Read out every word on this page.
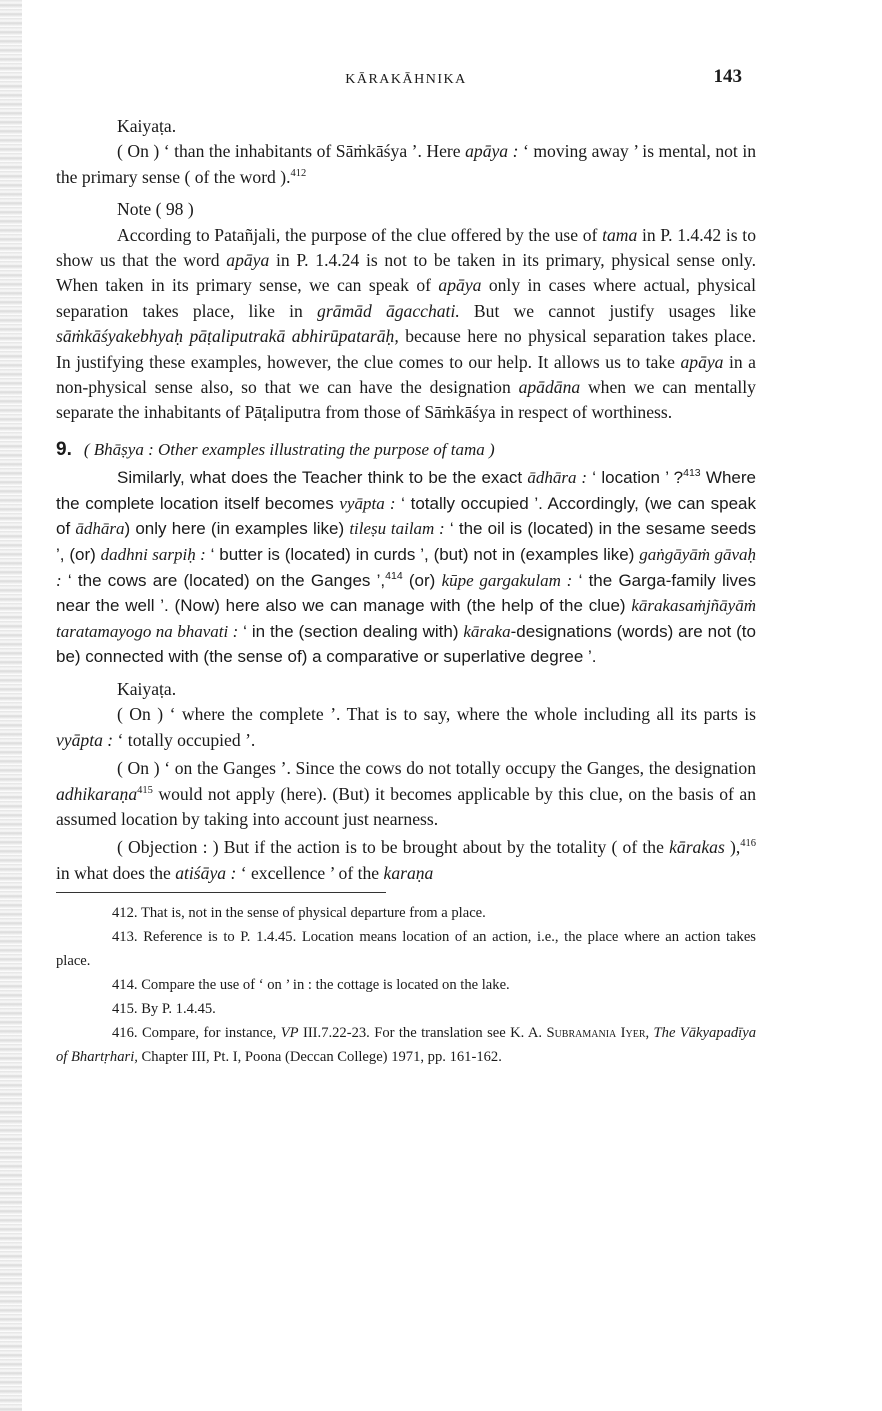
KĀRAKĀHNIKA	143

Kaiyaṭa.

( On ) ‘ than the inhabitants of Sāṁkāśya ’. Here apāya : ‘ moving away ’ is mental, not in the primary sense ( of the word ).$^{412}$

Note ( 98 )

According to Patañjali, the purpose of the clue offered by the use of tama in P. 1.4.42 is to show us that the word apāya in P. 1.4.24 is not to be taken in its primary, physical sense only. When taken in its primary sense, we can speak of apāya only in cases where actual, physical separation takes place, like in grāmād āgacchati. But we cannot justify usages like sāṁkāśyakebhyaḥ pāṭaliputrakā abhirūpatarāḥ, because here no physical separation takes place. In justifying these examples, however, the clue comes to our help. It allows us to take apāya in a non-physical sense also, so that we can have the designation apādāna when we can mentally separate the inhabitants of Pāṭaliputra from those of Sāṁkāśya in respect of worthiness.

9. ( Bhāṣya : Other examples illustrating the purpose of tama )

Similarly, what does the Teacher think to be the exact ādhāra : ‘ location ’ ?$^{413}$ Where the complete location itself becomes vyāpta : ‘ totally occupied ’. Accordingly, (we can speak of ādhāra) only here (in examples like) tileṣu tailam : ‘ the oil is (located) in the sesame seeds ’, (or) dadhni sarpiḥ : ‘ butter is (located) in curds ’, (but) not in (examples like) gaṅgāyāṁ gāvaḥ : ‘ the cows are (located) on the Ganges ’,$^{414}$ (or) kūpe gargakulam : ‘ the Garga-family lives near the well ’. (Now) here also we can manage with (the help of the clue) kārakasaṁjñāyāṁ taratamayogo na bhavati : ‘ in the (section dealing with) kāraka-designations (words) are not (to be) connected with (the sense of) a comparative or superlative degree ’.

Kaiyaṭa.

( On ) ‘ where the complete ’. That is to say, where the whole including all its parts is vyāpta : ‘ totally occupied ’.

( On ) ‘ on the Ganges ’. Since the cows do not totally occupy the Ganges, the designation adhikaraṇa$^{415}$ would not apply (here). (But) it becomes applicable by this clue, on the basis of an assumed location by taking into account just nearness.

( Objection : ) But if the action is to be brought about by the totality ( of the kārakas ),$^{416}$ in what does the atiśāya : ‘ excellence ’ of the karaṇa

412. That is, not in the sense of physical departure from a place.

413. Reference is to P. 1.4.45. Location means location of an action, i.e., the place where an action takes place.

414. Compare the use of ‘ on ’ in : the cottage is located on the lake.

415. By P. 1.4.45.

416. Compare, for instance, VP III.7.22-23. For the translation see K. A. Subramania Iyer, The Vākyapadīya of Bhartṛhari, Chapter III, Pt. I, Poona (Deccan College) 1971, pp. 161-162.
